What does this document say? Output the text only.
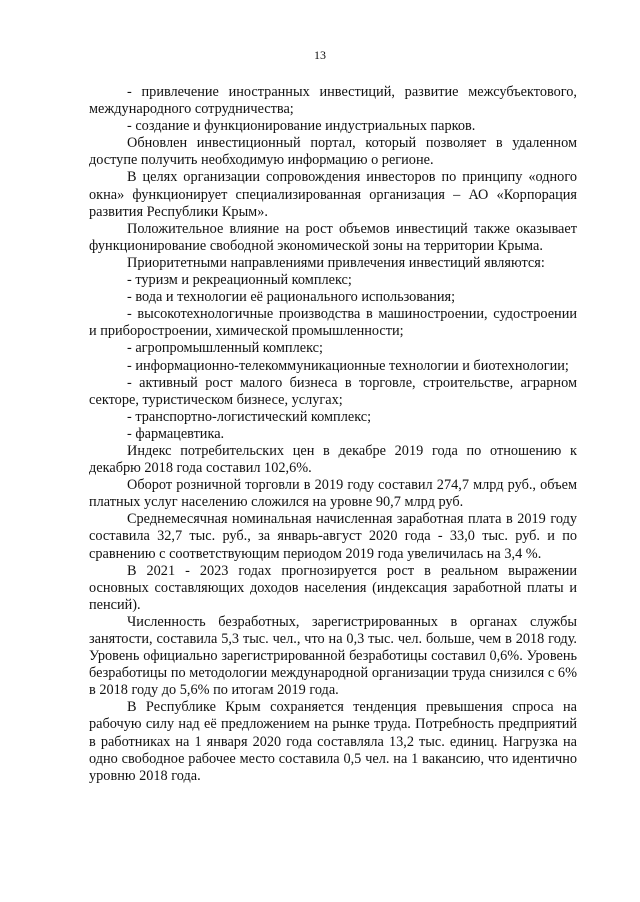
13

- привлечение иностранных инвестиций, развитие межсубъектового, международного сотрудничества;

- создание и функционирование индустриальных парков.

Обновлен инвестиционный портал, который позволяет в удаленном доступе получить необходимую информацию о регионе.

В целях организации сопровождения инвесторов по принципу «одного окна» функционирует специализированная организация – АО «Корпорация развития Республики Крым».

Положительное влияние на рост объемов инвестиций также оказывает функционирование свободной экономической зоны на территории Крыма.

Приоритетными направлениями привлечения инвестиций являются:

- туризм и рекреационный комплекс;

- вода и технологии её рационального использования;

- высокотехнологичные производства в машиностроении, судостроении и приборостроении, химической промышленности;

- агропромышленный комплекс;

- информационно-телекоммуникационные технологии и биотехнологии;

- активный рост малого бизнеса в торговле, строительстве, аграрном секторе, туристическом бизнесе, услугах;

- транспортно-логистический комплекс;

- фармацевтика.

Индекс потребительских цен в декабре 2019 года по отношению к декабрю 2018 года составил 102,6%.

Оборот розничной торговли в 2019 году составил 274,7 млрд руб., объем платных услуг населению сложился на уровне 90,7 млрд руб.

Среднемесячная номинальная начисленная заработная плата в 2019 году составила 32,7 тыс. руб., за январь-август 2020 года - 33,0 тыс. руб. и по сравнению с соответствующим периодом 2019 года увеличилась на 3,4 %.

В 2021 - 2023 годах прогнозируется рост в реальном выражении основных составляющих доходов населения (индексация заработной платы и пенсий).

Численность безработных, зарегистрированных в органах службы занятости, составила 5,3 тыс. чел., что на 0,3 тыс. чел. больше, чем в 2018 году. Уровень официально зарегистрированной безработицы составил 0,6%. Уровень безработицы по методологии международной организации труда снизился с 6% в 2018 году до 5,6% по итогам 2019 года.

В Республике Крым сохраняется тенденция превышения спроса на рабочую силу над её предложением на рынке труда. Потребность предприятий в работниках на 1 января 2020 года составляла 13,2 тыс. единиц. Нагрузка на одно свободное рабочее место составила 0,5 чел. на 1 вакансию, что идентично уровню 2018 года.
